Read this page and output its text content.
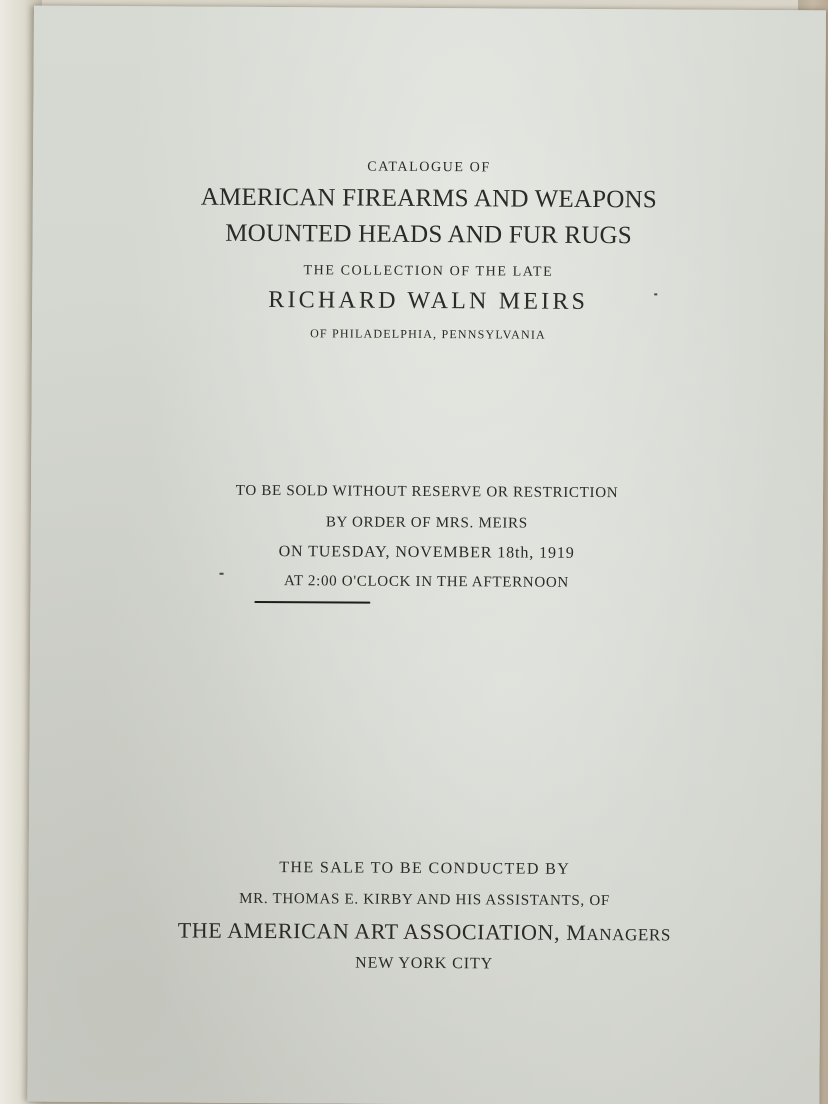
CATALOGUE OF
AMERICAN FIREARMS AND WEAPONS
MOUNTED HEADS AND FUR RUGS
THE COLLECTION OF THE LATE
RICHARD WALN MEIRS
OF PHILADELPHIA, PENNSYLVANIA
TO BE SOLD WITHOUT RESERVE OR RESTRICTION
BY ORDER OF MRS. MEIRS
ON TUESDAY, NOVEMBER 18th, 1919
AT 2:00 O'CLOCK IN THE AFTERNOON
THE SALE TO BE CONDUCTED BY
MR. THOMAS E. KIRBY AND HIS ASSISTANTS, OF
THE AMERICAN ART ASSOCIATION, MANAGERS
NEW YORK CITY
